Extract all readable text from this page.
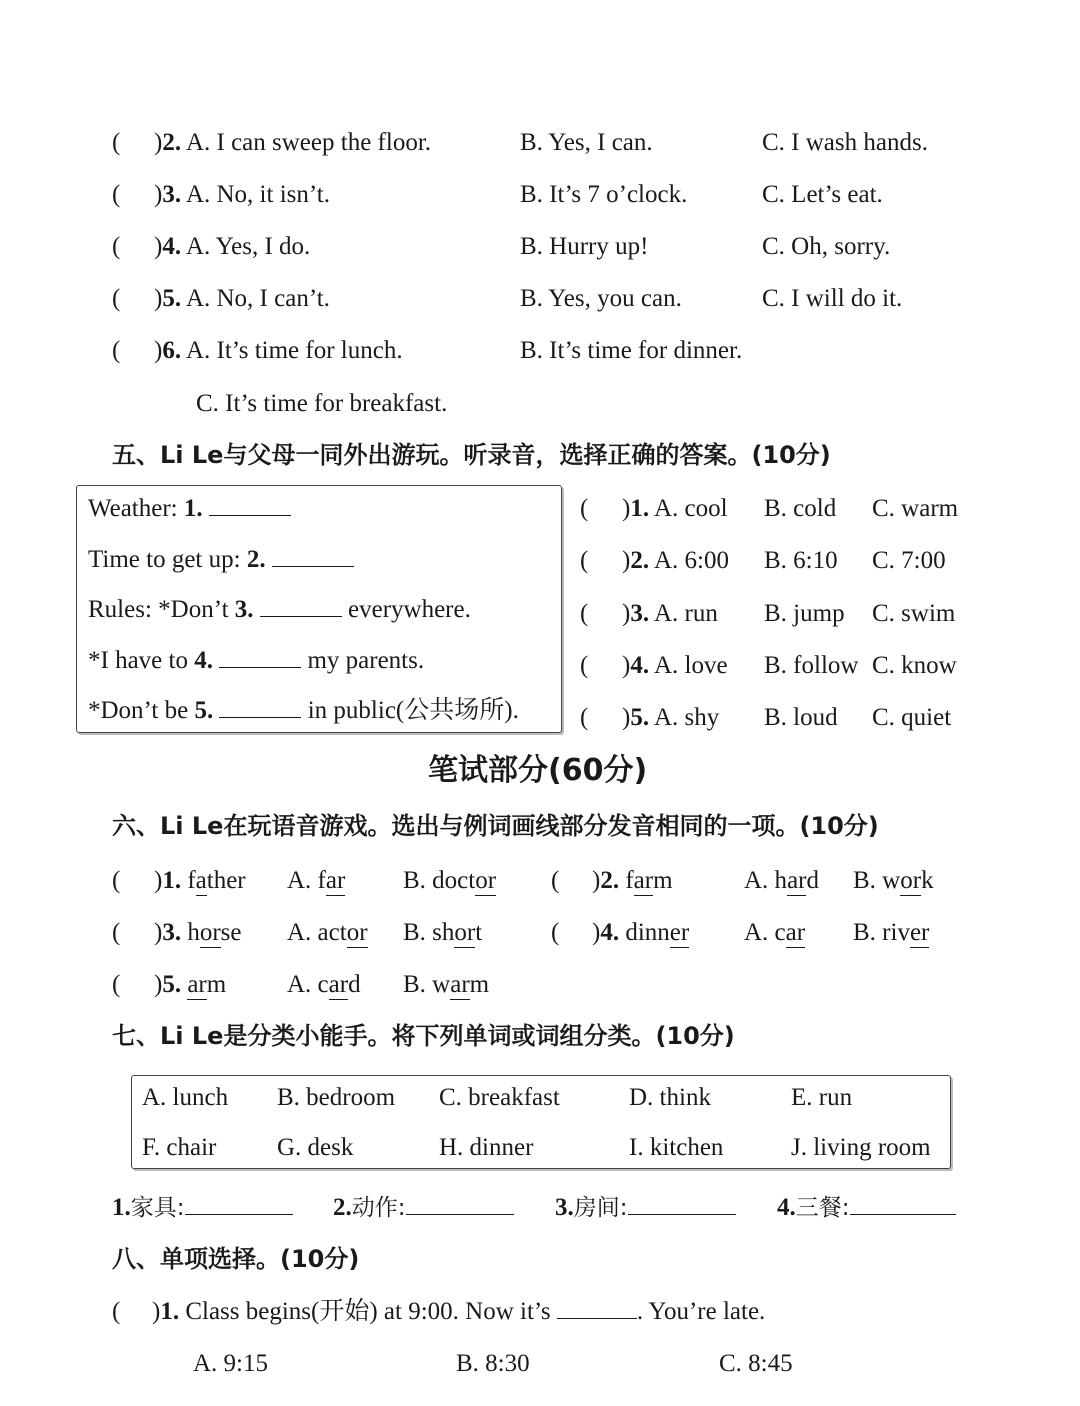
( )2. A. I can sweep the floor.	B. Yes, I can.	C. I wash hands.
( )3. A. No, it isn’t.	B. It’s 7 o’clock.	C. Let’s eat.
( )4. A. Yes, I do.	B. Hurry up!	C. Oh, sorry.
( )5. A. No, I can’t.	B. Yes, you can.	C. I will do it.
( )6. A. It’s time for lunch.	B. It’s time for dinner.
C. It’s time for breakfast.
五、Li Le与父母一同外出游玩。听录音，选择正确的答案。(10分)
Weather: 1.
Time to get up: 2.
Rules: *Don’t 3.	everywhere.
*I have to 4.	my parents.
*Don’t be 5.	in public(公共场所).
( )1. A. cool B. cold C. warm
( )2. A. 6:00 B. 6:10 C. 7:00
( )3. A. run B. jump C. swim
( )4. A. love B. follow C. know
( )5. A. shy B. loud C. quiet
笔试部分(60分)
六、Li Le在玩语音游戏。选出与例词画线部分发音相同的一项。(10分)
( )1. father A. far B. doctor ( )2. farm	A. hard B. work
( )3. horse A. actor B. short	( )4. dinner A. car B. river
( )5. arm A. card B. warm
七、Li Le是分类小能手。将下列单词或词组分类。(10分)
A. lunch B. bedroom C. breakfast	D. think	E. run
F. chair G. desk	H. dinner	I. kitchen	J. living room
1.家具:	2.动作:	3.房间:	4.三餐:
八、单项选择。(10分)
( )1. Class begins(开始) at 9:00. Now it’s	. You’re late.
A. 9:15	B. 8:30	C. 8:45
